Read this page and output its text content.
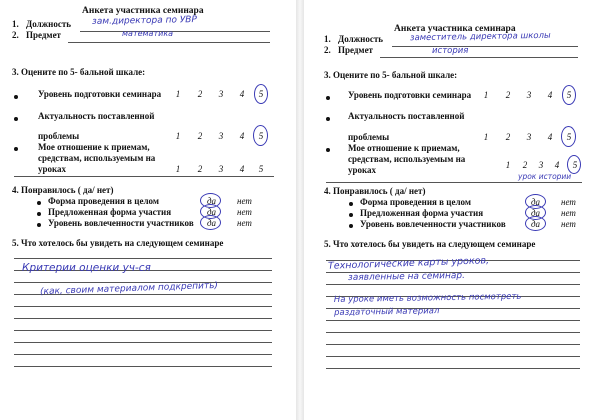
Анкета участника семинара
1. Должность зам.директора по УВР
2. Предмет	математика
3. Оцените по 5- бальной шкале:
Уровень подготовки семинара	1	2	3	4	5
Актуальность поставленной
проблемы	1	2	3	4	5
Мое отношение к приемам,
средствам, используемым на
уроках	1	2	3	4	5
4. Понравилось ( да/ нет)
Форма проведения в целом	да нет
Предложенная форма участия	да нет
Уровень вовлеченности участников да нет
5. Что хотелось бы увидеть на следующем семинаре
Критерии оценки уч-ся
(как, своим материалом подкрепить)
Анкета участника семинара
1. Должность	заместитель директора школы
2. Предмет	история
3. Оцените по 5- бальной шкале:
Уровень подготовки семинара	1	2	3	4	5
Актуальность поставленной
проблемы	1	2	3	4	5
Мое отношение к приемам,
средствам, используемым на
уроках	1	2	3	4	5
урок истории
4. Понравилось ( да/ нет)
Форма проведения в целом	да нет
Предложенная форма участия	да нет
Уровень вовлеченности участников	да нет
5. Что хотелось бы увидеть на следующем семинаре
Технологические карты уроков,
заявленные на семинар.
На уроке иметь возможность посмотреть раздаточный материал
